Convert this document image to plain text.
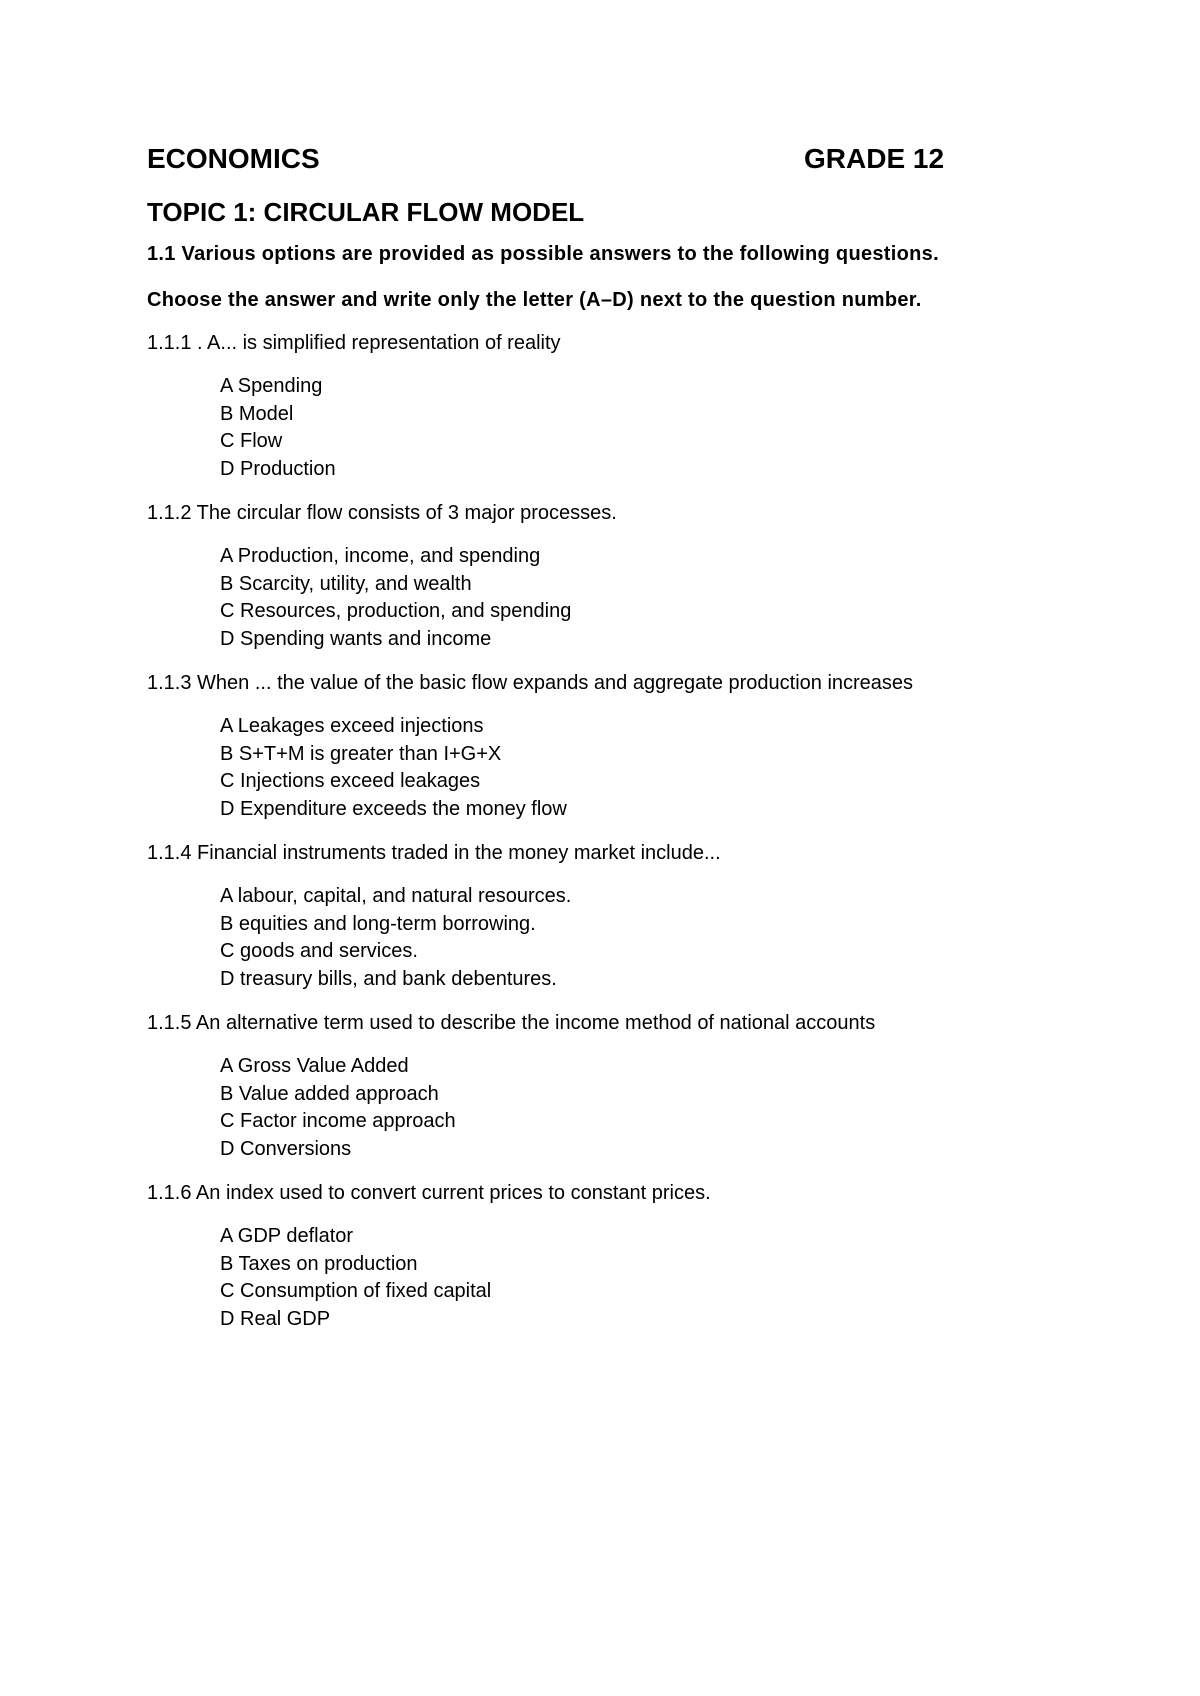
ECONOMICS	GRADE 12
TOPIC 1: CIRCULAR FLOW MODEL
1.1 Various options are provided as possible answers to the following questions.
Choose the answer and write only the letter (A–D) next to the question number.
1.1.1 . A... is simplified representation of reality
A Spending
B Model
C Flow
D Production
1.1.2 The circular flow consists of 3 major processes.
A Production, income, and spending
B Scarcity, utility, and wealth
C Resources, production, and spending
D Spending wants and income
1.1.3 When ... the value of the basic flow expands and aggregate production increases
A Leakages exceed injections
B S+T+M is greater than I+G+X
C Injections exceed leakages
D Expenditure exceeds the money flow
1.1.4 Financial instruments traded in the money market include...
A labour, capital, and natural resources.
B equities and long-term borrowing.
C goods and services.
D treasury bills, and bank debentures.
1.1.5 An alternative term used to describe the income method of national accounts
A Gross Value Added
B Value added approach
C Factor income approach
D Conversions
1.1.6 An index used to convert current prices to constant prices.
A GDP deflator
B Taxes on production
C Consumption of fixed capital
D Real GDP
